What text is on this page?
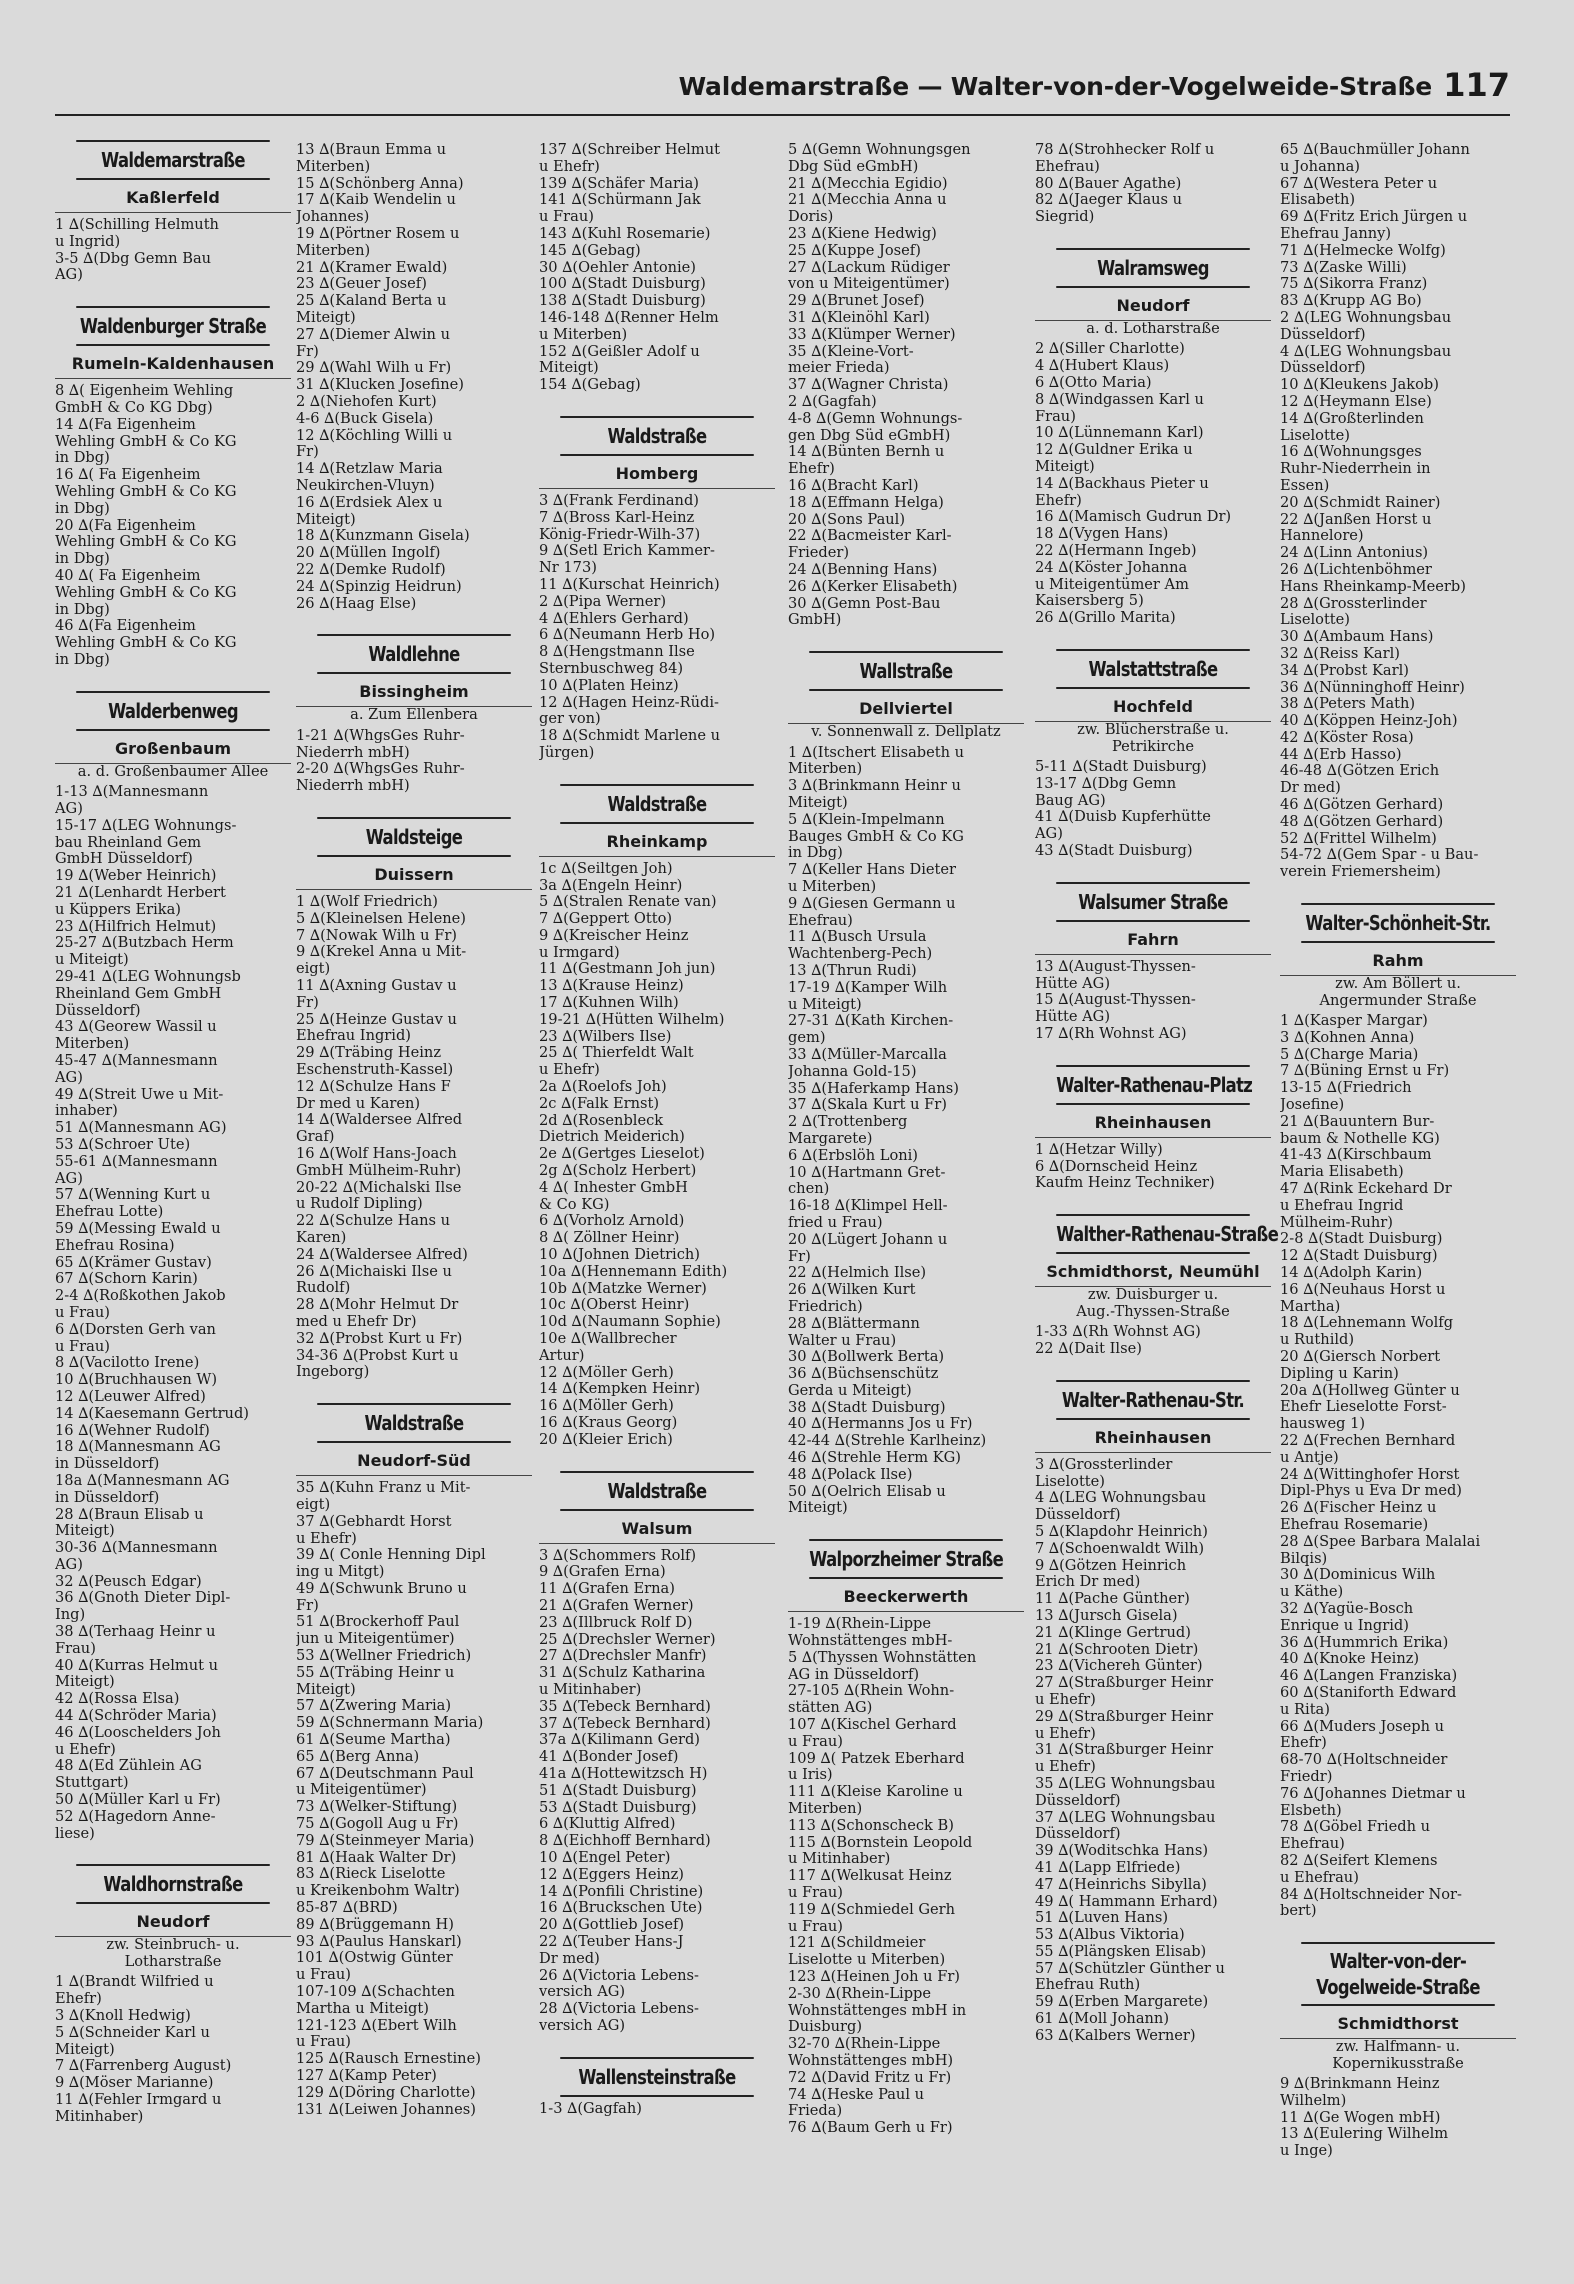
Waldemarstraße — Walter-von-der-Vogelweide-Straße 117
Waldemarstraße
Kaßlerfeld
1 ∆(Schilling Helmuth
u Ingrid)
3-5 ∆(Dbg Gemn Bau
AG)
Waldenburger Straße
Rumeln-Kaldenhausen
8 ∆( Eigenheim Wehling
GmbH & Co KG Dbg)
14 ∆(Fa Eigenheim
Wehling GmbH & Co KG
in Dbg)
16 ∆( Fa Eigenheim
Wehling GmbH & Co KG
in Dbg)
20 ∆(Fa Eigenheim
Wehling GmbH & Co KG
in Dbg)
40 ∆( Fa Eigenheim
Wehling GmbH & Co KG
in Dbg)
46 ∆(Fa Eigenheim
Wehling GmbH & Co KG
in Dbg)
Walderbenweg
Großenbaum
a. d. Großenbaumer Allee
1-13 ∆(Mannesmann
AG)
15-17 ∆(LEG Wohnungs-
bau Rheinland Gem
GmbH Düsseldorf)
19 ∆(Weber Heinrich)
21 ∆(Lenhardt Herbert
u Küppers Erika)
23 ∆(Hilfrich Helmut)
25-27 ∆(Butzbach Herm
u Miteigt)
29-41 ∆(LEG Wohnungsb
Rheinland Gem GmbH
Düsseldorf)
43 ∆(Georew Wassil u
Miterben)
45-47 ∆(Mannesmann
AG)
49 ∆(Streit Uwe u Mit-
inhaber)
51 ∆(Mannesmann AG)
53 ∆(Schroer Ute)
55-61 ∆(Mannesmann
AG)
57 ∆(Wenning Kurt u
Ehefrau Lotte)
59 ∆(Messing Ewald u
Ehefrau Rosina)
65 ∆(Krämer Gustav)
67 ∆(Schorn Karin)
2-4 ∆(Roßkothen Jakob
u Frau)
6 ∆(Dorsten Gerh van
u Frau)
8 ∆(Vacilotto Irene)
10 ∆(Bruchhausen W)
12 ∆(Leuwer Alfred)
14 ∆(Kaesemann Gertrud)
16 ∆(Wehner Rudolf)
18 ∆(Mannesmann AG
in Düsseldorf)
18a ∆(Mannesmann AG
in Düsseldorf)
28 ∆(Braun Elisab u
Miteigt)
30-36 ∆(Mannesmann
AG)
32 ∆(Peusch Edgar)
36 ∆(Gnoth Dieter Dipl-
Ing)
38 ∆(Terhaag Heinr u
Frau)
40 ∆(Kurras Helmut u
Miteigt)
42 ∆(Rossa Elsa)
44 ∆(Schröder Maria)
46 ∆(Looschelders Joh
u Ehefr)
48 ∆(Ed Zühlein AG
Stuttgart)
50 ∆(Müller Karl u Fr)
52 ∆(Hagedorn Anne-
liese)
Waldhornstraße
Neudorf
zw. Steinbruch- u.
Lotharstraße
1 ∆(Brandt Wilfried u
Ehefr)
3 ∆(Knoll Hedwig)
5 ∆(Schneider Karl u
Miteigt)
7 ∆(Farrenberg August)
9 ∆(Möser Marianne)
11 ∆(Fehler Irmgard u
Mitinhaber)
13 ∆(Braun Emma u
Miterben)
15 ∆(Schönberg Anna)
17 ∆(Kaib Wendelin u
Johannes)
19 ∆(Pörtner Rosem u
Miterben)
21 ∆(Kramer Ewald)
23 ∆(Geuer Josef)
25 ∆(Kaland Berta u
Miteigt)
27 ∆(Diemer Alwin u
Fr)
29 ∆(Wahl Wilh u Fr)
31 ∆(Klucken Josefine)
2 ∆(Niehofen Kurt)
4-6 ∆(Buck Gisela)
12 ∆(Köchling Willi u
Fr)
14 ∆(Retzlaw Maria
Neukirchen-Vluyn)
16 ∆(Erdsiek Alex u
Miteigt)
18 ∆(Kunzmann Gisela)
20 ∆(Müllen Ingolf)
22 ∆(Demke Rudolf)
24 ∆(Spinzig Heidrun)
26 ∆(Haag Else)
Waldlehne
Bissingheim
a. Zum Ellenbera
1-21 ∆(WhgsGes Ruhr-
Niederrh mbH)
2-20 ∆(WhgsGes Ruhr-
Niederrh mbH)
Waldsteige
Duissern
1 ∆(Wolf Friedrich)
5 ∆(Kleinelsen Helene)
7 ∆(Nowak Wilh u Fr)
9 ∆(Krekel Anna u Mit-
eigt)
11 ∆(Axning Gustav u
Fr)
25 ∆(Heinze Gustav u
Ehefrau Ingrid)
29 ∆(Träbing Heinz
Eschenstruth-Kassel)
12 ∆(Schulze Hans F
Dr med u Karen)
14 ∆(Waldersee Alfred
Graf)
16 ∆(Wolf Hans-Joach
GmbH Mülheim-Ruhr)
20-22 ∆(Michalski Ilse
u Rudolf Dipling)
22 ∆(Schulze Hans u
Karen)
24 ∆(Waldersee Alfred)
26 ∆(Michaiski Ilse u
Rudolf)
28 ∆(Mohr Helmut Dr
med u Ehefr Dr)
32 ∆(Probst Kurt u Fr)
34-36 ∆(Probst Kurt u
Ingeborg)
Waldstraße
Neudorf-Süd
35 ∆(Kuhn Franz u Mit-
eigt)
37 ∆(Gebhardt Horst
u Ehefr)
39 ∆( Conle Henning Dipl
ing u Mitgt)
49 ∆(Schwunk Bruno u
Fr)
51 ∆(Brockerhoff Paul
jun u Miteigentümer)
53 ∆(Wellner Friedrich)
55 ∆(Träbing Heinr u
Miteigt)
57 ∆(Zwering Maria)
59 ∆(Schnermann Maria)
61 ∆(Seume Martha)
65 ∆(Berg Anna)
67 ∆(Deutschmann Paul
u Miteigentümer)
73 ∆(Welker-Stiftung)
75 ∆(Gogoll Aug u Fr)
79 ∆(Steinmeyer Maria)
81 ∆(Haak Walter Dr)
83 ∆(Rieck Liselotte
u Kreikenbohm Waltr)
85-87 ∆(BRD)
89 ∆(Brüggemann H)
93 ∆(Paulus Hanskarl)
101 ∆(Ostwig Günter
u Frau)
107-109 ∆(Schachten
Martha u Miteigt)
121-123 ∆(Ebert Wilh
u Frau)
125 ∆(Rausch Ernestine)
127 ∆(Kamp Peter)
129 ∆(Döring Charlotte)
131 ∆(Leiwen Johannes)
137 ∆(Schreiber Helmut
u Ehefr)
139 ∆(Schäfer Maria)
141 ∆(Schürmann Jak
u Frau)
143 ∆(Kuhl Rosemarie)
145 ∆(Gebag)
30 ∆(Oehler Antonie)
100 ∆(Stadt Duisburg)
138 ∆(Stadt Duisburg)
146-148 ∆(Renner Helm
u Miterben)
152 ∆(Geißler Adolf u
Miteigt)
154 ∆(Gebag)
Waldstraße
Homberg
3 ∆(Frank Ferdinand)
7 ∆(Bross Karl-Heinz
König-Friedr-Wilh-37)
9 ∆(Setl Erich Kammer-
Nr 173)
11 ∆(Kurschat Heinrich)
2 ∆(Pipa Werner)
4 ∆(Ehlers Gerhard)
6 ∆(Neumann Herb Ho)
8 ∆(Hengstmann Ilse
Sternbuschweg 84)
10 ∆(Platen Heinz)
12 ∆(Hagen Heinz-Rüdi-
ger von)
18 ∆(Schmidt Marlene u
Jürgen)
Waldstraße
Rheinkamp
1c ∆(Seiltgen Joh)
3a ∆(Engeln Heinr)
5 ∆(Stralen Renate van)
7 ∆(Geppert Otto)
9 ∆(Kreischer Heinz
u Irmgard)
11 ∆(Gestmann Joh jun)
13 ∆(Krause Heinz)
17 ∆(Kuhnen Wilh)
19-21 ∆(Hütten Wilhelm)
23 ∆(Wilbers Ilse)
25 ∆( Thierfeldt Walt
u Ehefr)
2a ∆(Roelofs Joh)
2c ∆(Falk Ernst)
2d ∆(Rosenbleck
Dietrich Meiderich)
2e ∆(Gertges Lieselot)
2g ∆(Scholz Herbert)
4 ∆( Inhester GmbH
& Co KG)
6 ∆(Vorholz Arnold)
8 ∆( Zöllner Heinr)
10 ∆(Johnen Dietrich)
10a ∆(Hennemann Edith)
10b ∆(Matzke Werner)
10c ∆(Oberst Heinr)
10d ∆(Naumann Sophie)
10e ∆(Wallbrecher
Artur)
12 ∆(Möller Gerh)
14 ∆(Kempken Heinr)
16 ∆(Möller Gerh)
16 ∆(Kraus Georg)
20 ∆(Kleier Erich)
Waldstraße
Walsum
3 ∆(Schommers Rolf)
9 ∆(Grafen Erna)
11 ∆(Grafen Erna)
21 ∆(Grafen Werner)
23 ∆(Illbruck Rolf D)
25 ∆(Drechsler Werner)
27 ∆(Drechsler Manfr)
31 ∆(Schulz Katharina
u Mitinhaber)
35 ∆(Tebeck Bernhard)
37 ∆(Tebeck Bernhard)
37a ∆(Kilimann Gerd)
41 ∆(Bonder Josef)
41a ∆(Hottewitzsch H)
51 ∆(Stadt Duisburg)
53 ∆(Stadt Duisburg)
6 ∆(Kluttig Alfred)
8 ∆(Eichhoff Bernhard)
10 ∆(Engel Peter)
12 ∆(Eggers Heinz)
14 ∆(Ponfili Christine)
16 ∆(Bruckschen Ute)
20 ∆(Gottlieb Josef)
22 ∆(Teuber Hans-J
Dr med)
26 ∆(Victoria Lebens-
versich AG)
28 ∆(Victoria Lebens-
versich AG)
Wallensteinstraße
1-3 ∆(Gagfah)
5 ∆(Gemn Wohnungsgen
Dbg Süd eGmbH)
21 ∆(Mecchia Egidio)
21 ∆(Mecchia Anna u
Doris)
23 ∆(Kiene Hedwig)
25 ∆(Kuppe Josef)
27 ∆(Lackum Rüdiger
von u Miteigentümer)
29 ∆(Brunet Josef)
31 ∆(Kleinöhl Karl)
33 ∆(Klümper Werner)
35 ∆(Kleine-Vort-
meier Frieda)
37 ∆(Wagner Christa)
2 ∆(Gagfah)
4-8 ∆(Gemn Wohnungs-
gen Dbg Süd eGmbH)
14 ∆(Bünten Bernh u
Ehefr)
16 ∆(Bracht Karl)
18 ∆(Effmann Helga)
20 ∆(Sons Paul)
22 ∆(Bacmeister Karl-
Frieder)
24 ∆(Benning Hans)
26 ∆(Kerker Elisabeth)
30 ∆(Gemn Post-Bau
GmbH)
Wallstraße
Dellviertel
v. Sonnenwall z. Dellplatz
1 ∆(Itschert Elisabeth u
Miterben)
3 ∆(Brinkmann Heinr u
Miteigt)
5 ∆(Klein-Impelmann
Bauges GmbH & Co KG
in Dbg)
7 ∆(Keller Hans Dieter
u Miterben)
9 ∆(Giesen Germann u
Ehefrau)
11 ∆(Busch Ursula
Wachtenberg-Pech)
13 ∆(Thrun Rudi)
17-19 ∆(Kamper Wilh
u Miteigt)
27-31 ∆(Kath Kirchen-
gem)
33 ∆(Müller-Marcalla
Johanna Gold-15)
35 ∆(Haferkamp Hans)
37 ∆(Skala Kurt u Fr)
2 ∆(Trottenberg
Margarete)
6 ∆(Erbslöh Loni)
10 ∆(Hartmann Gret-
chen)
16-18 ∆(Klimpel Hell-
fried u Frau)
20 ∆(Lügert Johann u
Fr)
22 ∆(Helmich Ilse)
26 ∆(Wilken Kurt
Friedrich)
28 ∆(Blättermann
Walter u Frau)
30 ∆(Bollwerk Berta)
36 ∆(Büchsenschütz
Gerda u Miteigt)
38 ∆(Stadt Duisburg)
40 ∆(Hermanns Jos u Fr)
42-44 ∆(Strehle Karlheinz)
46 ∆(Strehle Herm KG)
48 ∆(Polack Ilse)
50 ∆(Oelrich Elisab u
Miteigt)
Walporzheimer Straße
Beeckerwerth
1-19 ∆(Rhein-Lippe
Wohnstättenges mbH-
5 ∆(Thyssen Wohnstätten
AG in Düsseldorf)
27-105 ∆(Rhein Wohn-
stätten AG)
107 ∆(Kischel Gerhard
u Frau)
109 ∆( Patzek Eberhard
u Iris)
111 ∆(Kleise Karoline u
Miterben)
113 ∆(Schonscheck B)
115 ∆(Bornstein Leopold
u Mitinhaber)
117 ∆(Welkusat Heinz
u Frau)
119 ∆(Schmiedel Gerh
u Frau)
121 ∆(Schildmeier
Liselotte u Miterben)
123 ∆(Heinen Joh u Fr)
2-30 ∆(Rhein-Lippe
Wohnstättenges mbH in
Duisburg)
32-70 ∆(Rhein-Lippe
Wohnstättenges mbH)
72 ∆(David Fritz u Fr)
74 ∆(Heske Paul u
Frieda)
76 ∆(Baum Gerh u Fr)
78 ∆(Strohhecker Rolf u
Ehefrau)
80 ∆(Bauer Agathe)
82 ∆(Jaeger Klaus u
Siegrid)
Walramsweg
Neudorf
a. d. Lotharstraße
2 ∆(Siller Charlotte)
4 ∆(Hubert Klaus)
6 ∆(Otto Maria)
8 ∆(Windgassen Karl u
Frau)
10 ∆(Lünnemann Karl)
12 ∆(Guldner Erika u
Miteigt)
14 ∆(Backhaus Pieter u
Ehefr)
16 ∆(Mamisch Gudrun Dr)
18 ∆(Vygen Hans)
22 ∆(Hermann Ingeb)
24 ∆(Köster Johanna
u Miteigentümer Am
Kaisersberg 5)
26 ∆(Grillo Marita)
Walstattstraße
Hochfeld
zw. Blücherstraße u.
Petrikirche
5-11 ∆(Stadt Duisburg)
13-17 ∆(Dbg Gemn
Baug AG)
41 ∆(Duisb Kupferhütte
AG)
43 ∆(Stadt Duisburg)
Walsumer Straße
Fahrn
13 ∆(August-Thyssen-
Hütte AG)
15 ∆(August-Thyssen-
Hütte AG)
17 ∆(Rh Wohnst AG)
Walter-Rathenau-Platz
Rheinhausen
1 ∆(Hetzar Willy)
6 ∆(Dornscheid Heinz
Kaufm Heinz Techniker)
Walther-Rathenau-Straße
Schmidthorst, Neumühl
zw. Duisburger u.
Aug.-Thyssen-Straße
1-33 ∆(Rh Wohnst AG)
22 ∆(Dait Ilse)
Walter-Rathenau-Str.
Rheinhausen
3 ∆(Grossterlinder
Liselotte)
4 ∆(LEG Wohnungsbau
Düsseldorf)
5 ∆(Klapdohr Heinrich)
7 ∆(Schoenwaldt Wilh)
9 ∆(Götzen Heinrich
Erich Dr med)
11 ∆(Pache Günther)
13 ∆(Jursch Gisela)
21 ∆(Klinge Gertrud)
21 ∆(Schrooten Dietr)
23 ∆(Vichereh Günter)
27 ∆(Straßburger Heinr
u Ehefr)
29 ∆(Straßburger Heinr
u Ehefr)
31 ∆(Straßburger Heinr
u Ehefr)
35 ∆(LEG Wohnungsbau
Düsseldorf)
37 ∆(LEG Wohnungsbau
Düsseldorf)
39 ∆(Woditschka Hans)
41 ∆(Lapp Elfriede)
47 ∆(Heinrichs Sibylla)
49 ∆( Hammann Erhard)
51 ∆(Luven Hans)
53 ∆(Albus Viktoria)
55 ∆(Plängsken Elisab)
57 ∆(Schützler Günther u
Ehefrau Ruth)
59 ∆(Erben Margarete)
61 ∆(Moll Johann)
63 ∆(Kalbers Werner)
65 ∆(Bauchmüller Johann
u Johanna)
67 ∆(Westera Peter u
Elisabeth)
69 ∆(Fritz Erich Jürgen u
Ehefrau Janny)
71 ∆(Helmecke Wolfg)
73 ∆(Zaske Willi)
75 ∆(Sikorra Franz)
83 ∆(Krupp AG Bo)
2 ∆(LEG Wohnungsbau
Düsseldorf)
4 ∆(LEG Wohnungsbau
Düsseldorf)
10 ∆(Kleukens Jakob)
12 ∆(Heymann Else)
14 ∆(Großterlinden
Liselotte)
16 ∆(Wohnungsges
Ruhr-Niederrhein in
Essen)
20 ∆(Schmidt Rainer)
22 ∆(Janßen Horst u
Hannelore)
24 ∆(Linn Antonius)
26 ∆(Lichtenböhmer
Hans Rheinkamp-Meerb)
28 ∆(Grossterlinder
Liselotte)
30 ∆(Ambaum Hans)
32 ∆(Reiss Karl)
34 ∆(Probst Karl)
36 ∆(Nünninghoff Heinr)
38 ∆(Peters Math)
40 ∆(Köppen Heinz-Joh)
42 ∆(Köster Rosa)
44 ∆(Erb Hasso)
46-48 ∆(Götzen Erich
Dr med)
46 ∆(Götzen Gerhard)
48 ∆(Götzen Gerhard)
52 ∆(Frittel Wilhelm)
54-72 ∆(Gem Spar - u Bau-
verein Friemersheim)
Walter-Schönheit-Str.
Rahm
zw. Am Böllert u.
Angermunder Straße
1 ∆(Kasper Margar)
3 ∆(Kohnen Anna)
5 ∆(Charge Maria)
7 ∆(Büning Ernst u Fr)
13-15 ∆(Friedrich
Josefine)
21 ∆(Bauuntern Bur-
baum & Nothelle KG)
41-43 ∆(Kirschbaum
Maria Elisabeth)
47 ∆(Rink Eckehard Dr
u Ehefrau Ingrid
Mülheim-Ruhr)
2-8 ∆(Stadt Duisburg)
12 ∆(Stadt Duisburg)
14 ∆(Adolph Karin)
16 ∆(Neuhaus Horst u
Martha)
18 ∆(Lehnemann Wolfg
u Ruthild)
20 ∆(Giersch Norbert
Dipling u Karin)
20a ∆(Hollweg Günter u
Ehefr Lieselotte Forst-
hausweg 1)
22 ∆(Frechen Bernhard
u Antje)
24 ∆(Wittinghofer Horst
Dipl-Phys u Eva Dr med)
26 ∆(Fischer Heinz u
Ehefrau Rosemarie)
28 ∆(Spee Barbara Malalai
Bilqis)
30 ∆(Dominicus Wilh
u Käthe)
32 ∆(Yagüe-Bosch
Enrique u Ingrid)
36 ∆(Hummrich Erika)
40 ∆(Knoke Heinz)
46 ∆(Langen Franziska)
60 ∆(Staniforth Edward
u Rita)
66 ∆(Muders Joseph u
Ehefr)
68-70 ∆(Holtschneider
Friedr)
76 ∆(Johannes Dietmar u
Elsbeth)
78 ∆(Göbel Friedh u
Ehefrau)
82 ∆(Seifert Klemens
u Ehefrau)
84 ∆(Holtschneider Nor-
bert)
Walter-von-der-
Vogelweide-Straße
Schmidthorst
zw. Halfmann- u.
Kopernikusstraße
9 ∆(Brinkmann Heinz
Wilhelm)
11 ∆(Ge Wogen mbH)
13 ∆(Eulering Wilhelm
u Inge)
